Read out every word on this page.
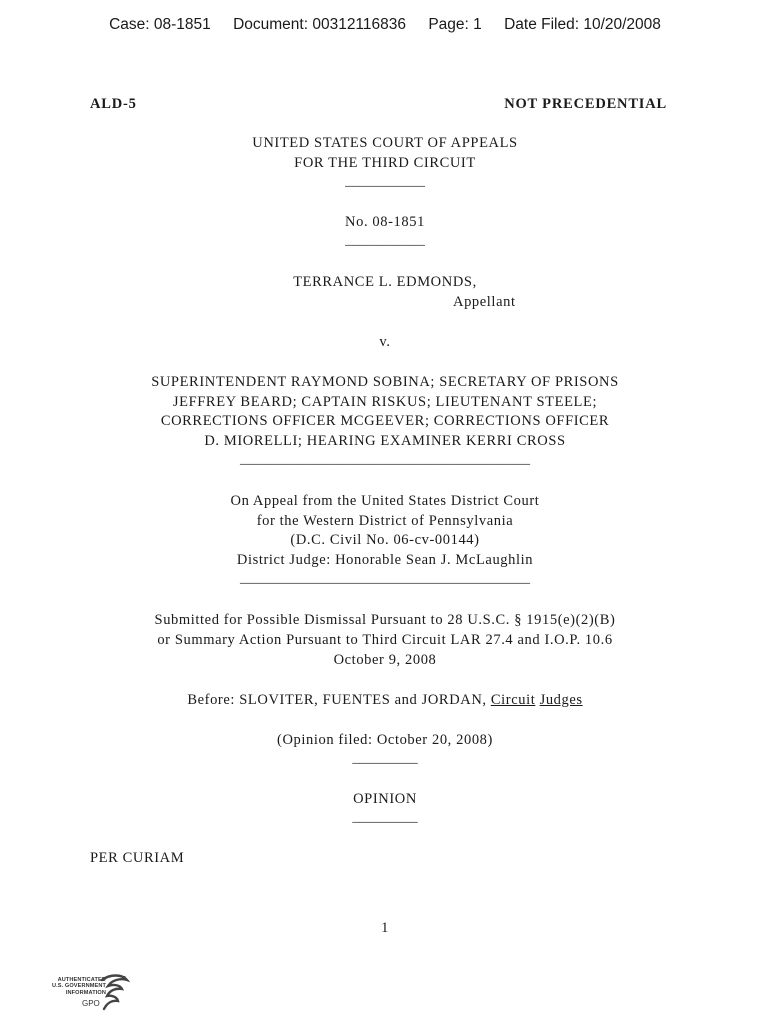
Case: 08-1851 Document: 00312116836 Page: 1 Date Filed: 10/20/2008
ALD-5	NOT PRECEDENTIAL
UNITED STATES COURT OF APPEALS
FOR THE THIRD CIRCUIT
___________
No. 08-1851
___________
TERRANCE L. EDMONDS,
Appellant
v.
SUPERINTENDENT RAYMOND SOBINA; SECRETARY OF PRISONS
JEFFREY BEARD; CAPTAIN RISKUS; LIEUTENANT STEELE;
CORRECTIONS OFFICER MCGEEVER; CORRECTIONS OFFICER
D. MIORELLI; HEARING EXAMINER KERRI CROSS
________________________________________
On Appeal from the United States District Court
for the Western District of Pennsylvania
(D.C. Civil No. 06-cv-00144)
District Judge: Honorable Sean J. McLaughlin
________________________________________
Submitted for Possible Dismissal Pursuant to 28 U.S.C. § 1915(e)(2)(B)
or Summary Action Pursuant to Third Circuit LAR 27.4 and I.O.P. 10.6
October 9, 2008
Before: SLOVITER, FUENTES and JORDAN, Circuit Judges
(Opinion filed: October 20, 2008)
_________
OPINION
_________
PER CURIAM
1
AUTHENTICATED
U.S. GOVERNMENT
INFORMATION
GPO
